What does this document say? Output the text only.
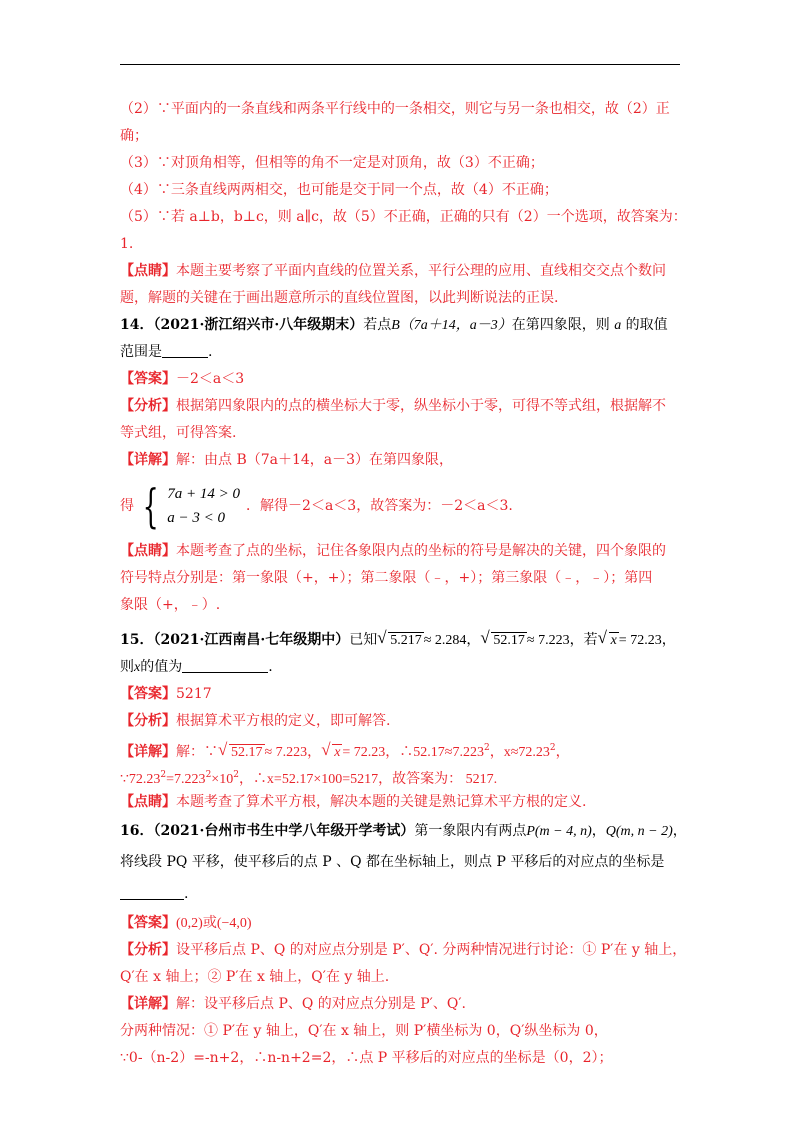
（2）∵平面内的一条直线和两条平行线中的一条相交，则它与另一条也相交，故（2）正
确；
（3）∵对顶角相等，但相等的角不一定是对顶角，故（3）不正确；
（4）∵三条直线两两相交，也可能是交于同一个点，故（4）不正确；
（5）∵若 a⊥b，b⊥c，则 a∥c，故（5）不正确，正确的只有（2）一个选项，故答案为：
1.
【点睛】本题主要考察了平面内直线的位置关系，平行公理的应用、直线相交交点个数问
题，解题的关键在于画出题意所示的直线位置图，以此判断说法的正误.
14．（2021·浙江绍兴市·八年级期末）若点B（7a＋14，a－3）在第四象限，则 a 的取值
范围是	.
【答案】－2＜a＜3
【分析】根据第四象限内的点的横坐标大于零，纵坐标小于零，可得不等式组，根据解不
等式组，可得答案.
【详解】解：由点 B（7a＋14，a－3）在第四象限，
得 { 7a + 14 > 0
a − 3 < 0
．解得－2＜a＜3，故答案为：－2＜a＜3.
【点睛】本题考查了点的坐标，记住各象限内点的坐标的符号是解决的关键，四个象限的
符号特点分别是：第一象限（+，+）；第二象限（﹣，+）；第三象限（﹣，﹣）；第四
象限（+，﹣）.
15．（2021·江西南昌·七年级期中）已知 √ 5.217 ≈ 2.284， √ 52.17 ≈ 7.223，若 √ x = 72.23，
则x的值为	.
【答案】5217
【分析】根据算术平方根的定义，即可解答.
【详解】解：∵ √ 52.17 ≈ 7.223， √ x = 72.23，$\therefore 52.17\approx 7.223^2$，$x\approx 72.23^2$，
$\because 72.23^2=7.223^2\times 10^2$，∴x=52.17×100=5217，故答案为： 5217.
【点睛】本题考查了算术平方根，解决本题的关键是熟记算术平方根的定义.
16．（2021·台州市书生中学八年级开学考试）第一象限内有两点P(m − 4, n)，Q(m, n − 2)，
将线段 PQ 平移，使平移后的点 P 、Q 都在坐标轴上，则点 P 平移后的对应点的坐标是
.
【答案】(0,2)或(−4,0)
【分析】设平移后点 P、Q 的对应点分别是 P′、Q′. 分两种情况进行讨论：① P′在 y 轴上，
Q′在 x 轴上；② P′在 x 轴上，Q′在 y 轴上.
【详解】解：设平移后点 P、Q 的对应点分别是 P′、Q′.
分两种情况：① P′在 y 轴上，Q′在 x 轴上，则 P′横坐标为 0，Q′纵坐标为 0，
∵0-（n-2）=-n+2，∴n-n+2=2，∴点 P 平移后的对应点的坐标是（0，2）；
